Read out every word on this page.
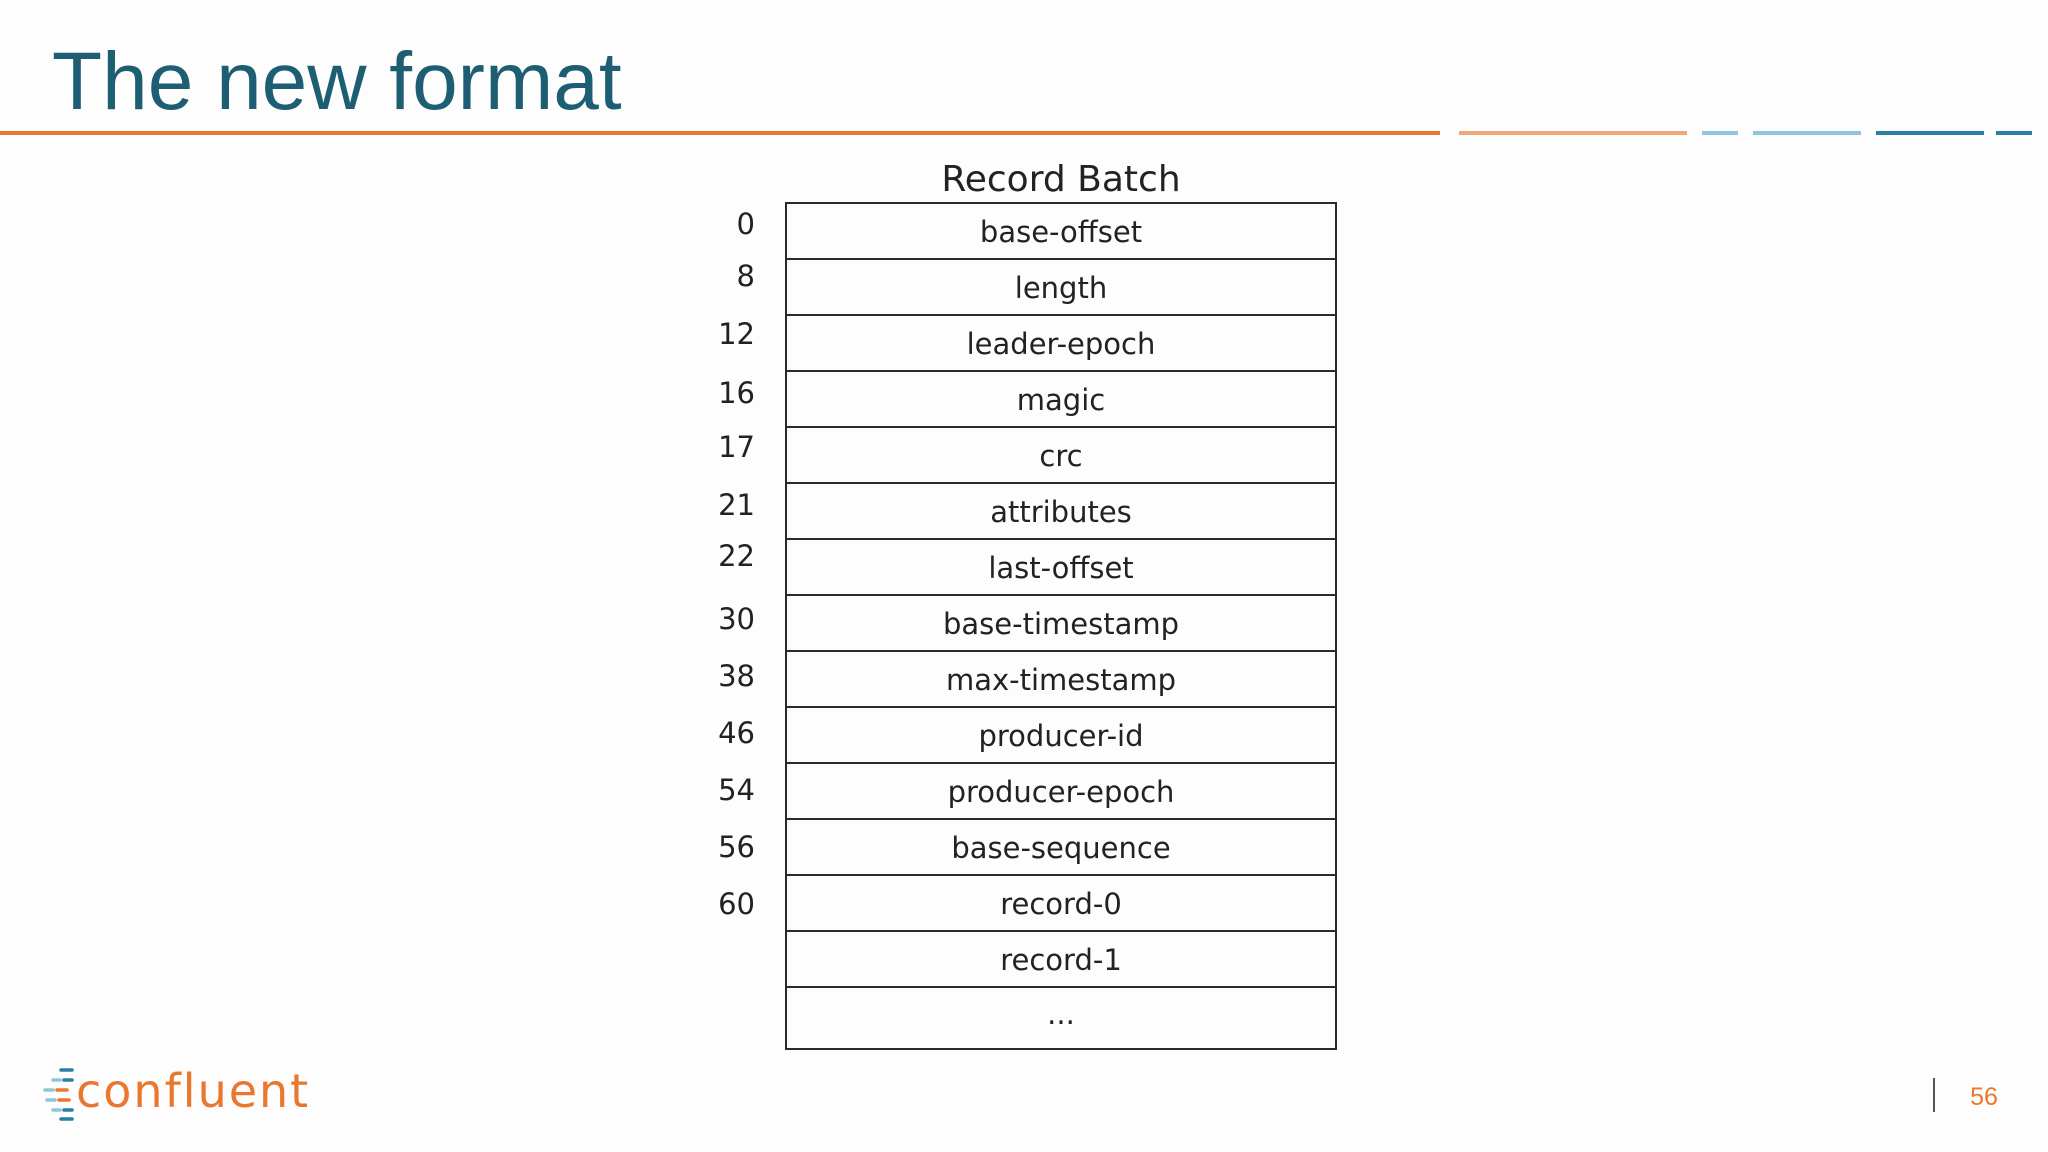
The new format
Record Batch
base-offset
length
leader-epoch
magic
crc
attributes
last-offset
base-timestamp
max-timestamp
producer-id
producer-epoch
base-sequence
record-0
record-1
...
0
8
12
16
17
21
22
30
38
46
54
56
60
confluent	56
